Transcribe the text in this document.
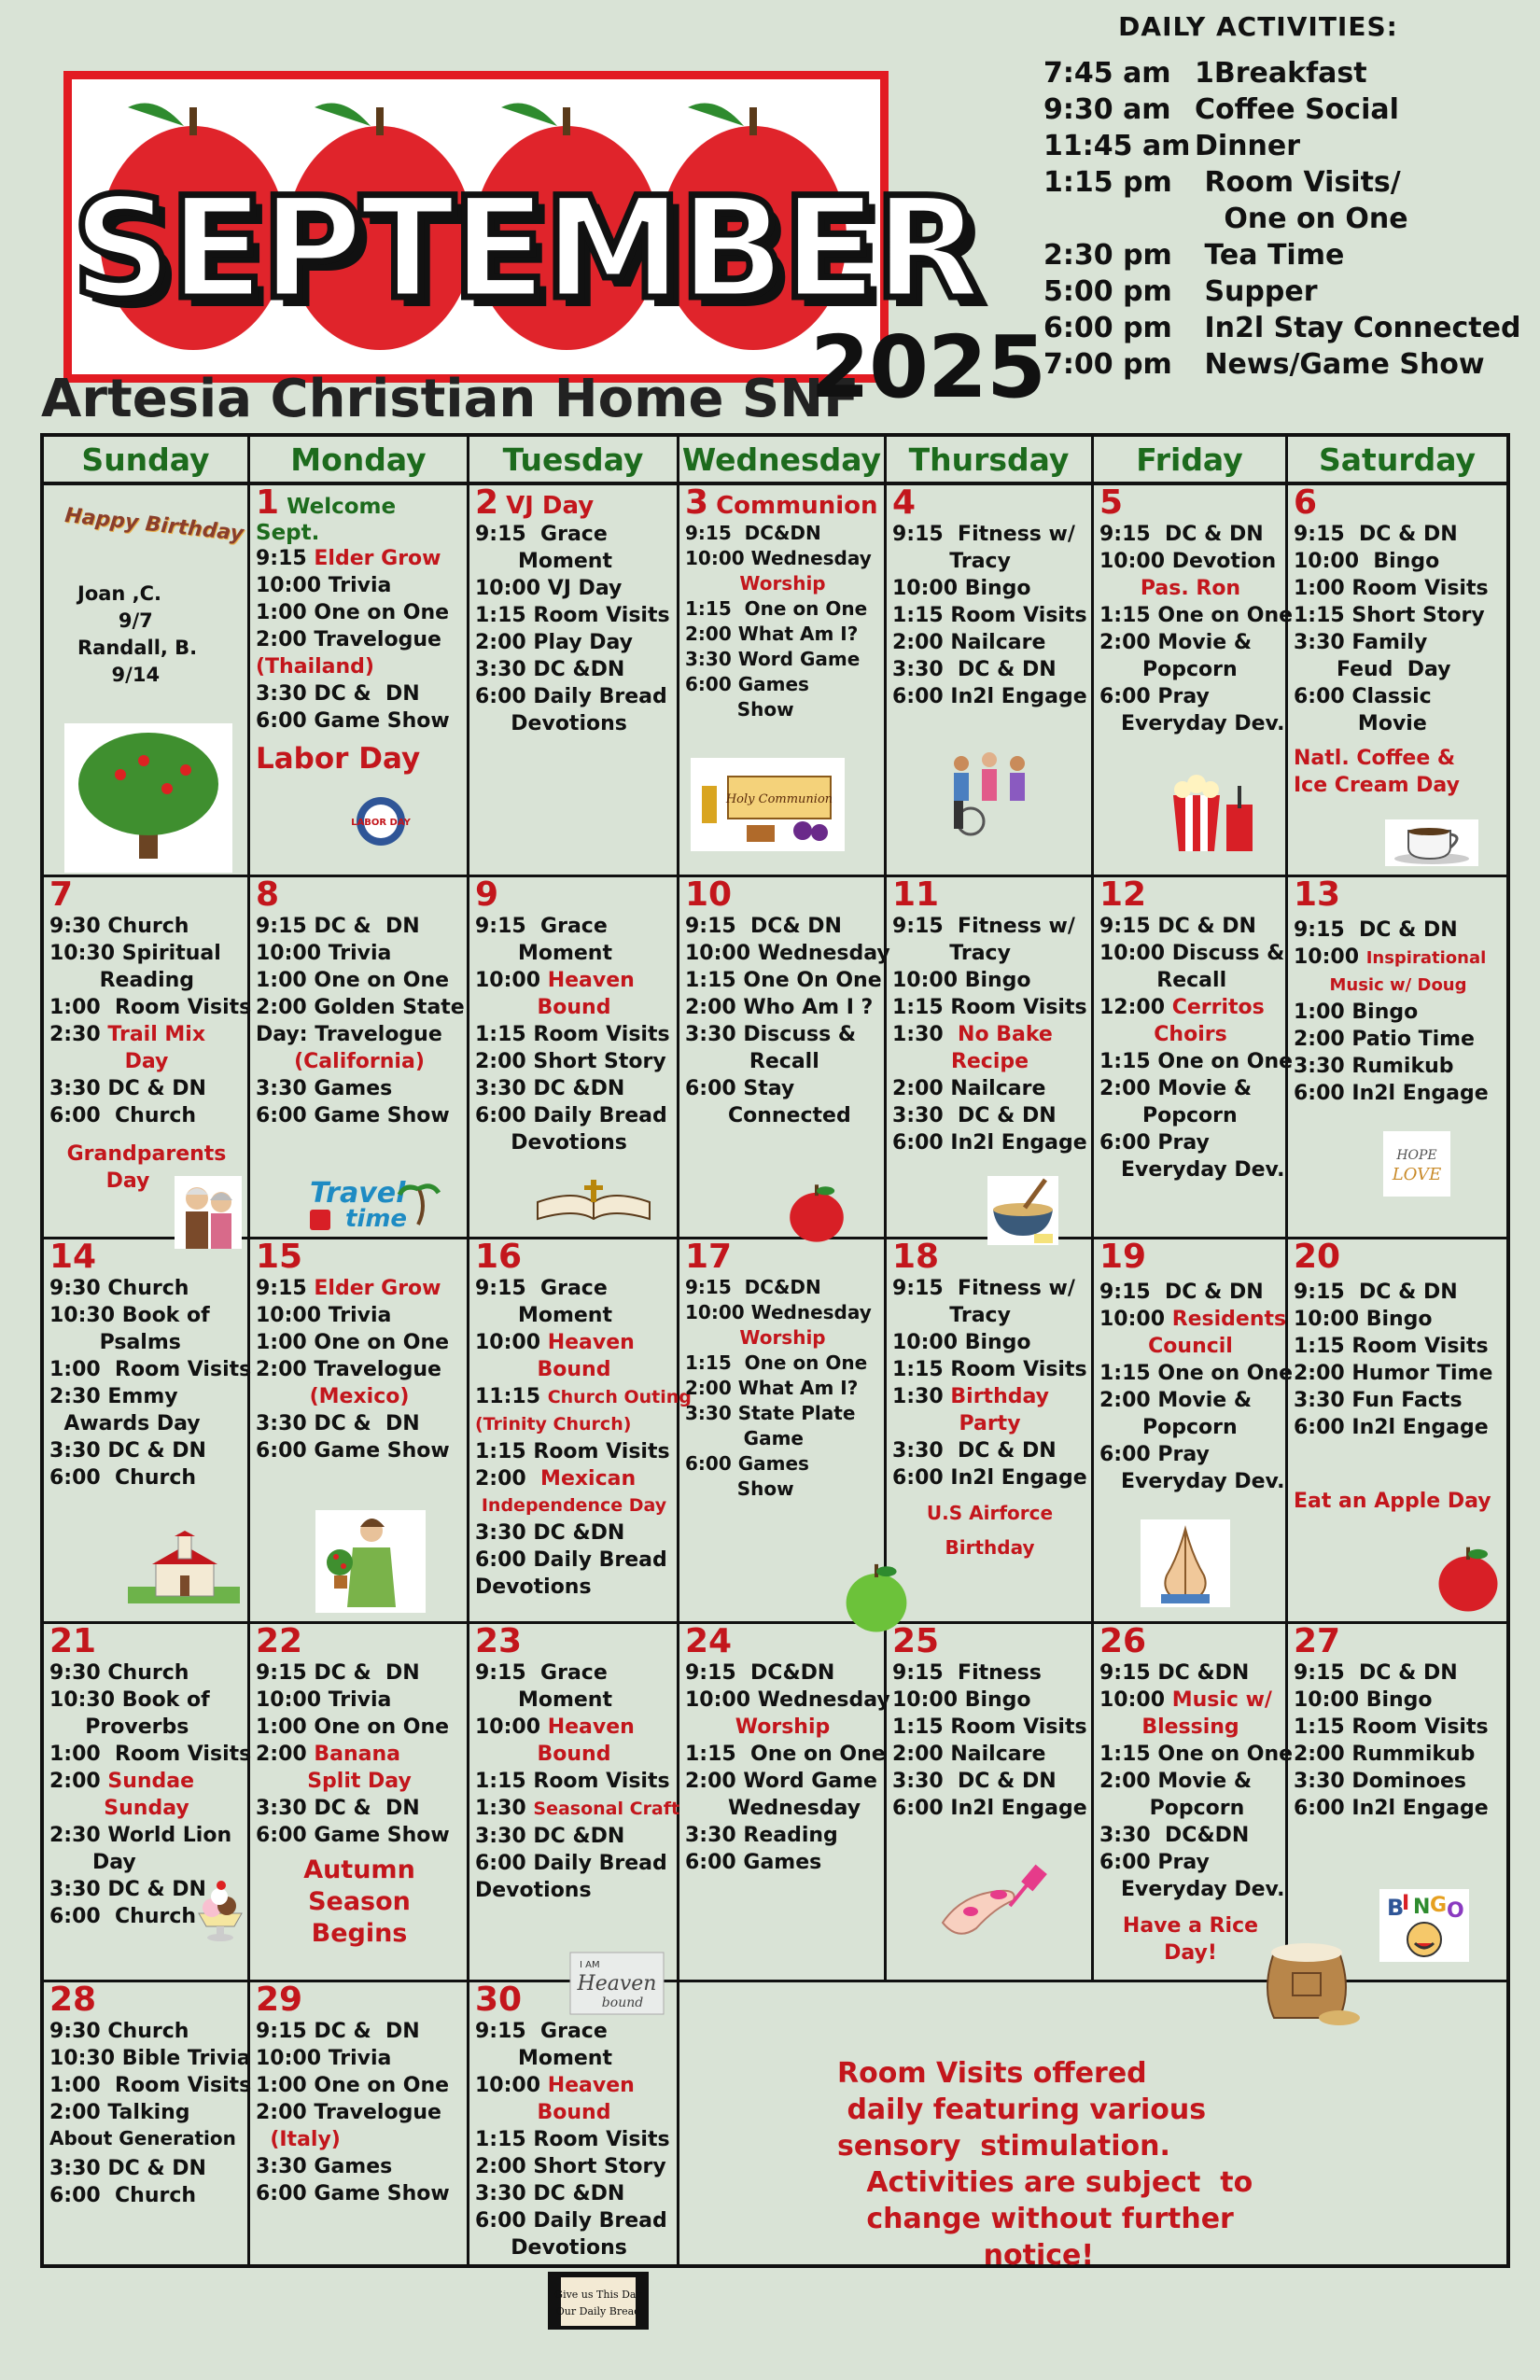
SEPTEMBER
Artesia Christian Home SNF
2025
DAILY ACTIVITIES:
7:45 am 1Breakfast
9:30 am Coffee Social
11:45 am Dinner
1:15 pm Room Visits/
One on One
2:30 pm Tea Time
5:00 pm Supper
6:00 pm In2l Stay Connected
7:00 pm News/Game Show
Sunday	Monday	Tuesday	Wednesday Thursday	Friday	Saturday
Happy Birthday
Joan ,C.
9/7
Randall, B.
9/14
1 Welcome Sept.
9:15 Elder Grow
10:00 Trivia
1:00 One on One
2:00 Travelogue
(Thailand)
3:30 DC &  DN
6:00 Game Show
Labor Day
LABOR DAY
2 VJ Day
9:15  Grace
Moment
10:00 VJ Day
1:15 Room Visits
2:00 Play Day
3:30 DC &DN
6:00 Daily Bread
Devotions
3 Communion
9:15  DC&DN
10:00 Wednesday
Worship
1:15  One on One
2:00 What Am I?
3:30 Word Game
6:00 Games
Show
Holy Communion
4
9:15  Fitness w/
Tracy
10:00 Bingo
1:15 Room Visits
2:00 Nailcare
3:30  DC & DN
6:00 In2l Engage
5
9:15  DC & DN
10:00 Devotion
Pas. Ron
1:15 One on One
2:00 Movie &
Popcorn
6:00 Pray
Everyday Dev.
6
9:15  DC & DN
10:00  Bingo
1:00 Room Visits
1:15 Short Story
3:30 Family
Feud  Day
6:00 Classic
Movie
Natl. Coffee & Ice Cream Day
7
9:30 Church
10:30 Spiritual
Reading
1:00  Room Visits
2:30 Trail Mix
Day
3:30 DC & DN
6:00  Church
Grandparents
Day
8
9:15 DC &  DN
10:00 Trivia
1:00 One on One
2:00 Golden State
Day: Travelogue
(California)
3:30 Games
6:00 Game Show
Travel
time
9
9:15  Grace
Moment
10:00 Heaven
Bound
1:15 Room Visits
2:00 Short Story
3:30 DC &DN
6:00 Daily Bread
Devotions
10
9:15  DC& DN
10:00 Wednesday
1:15 One On One
2:00 Who Am I ?
3:30 Discuss &
Recall
6:00 Stay
Connected
11
9:15  Fitness w/
Tracy
10:00 Bingo
1:15 Room Visits
1:30  No Bake
Recipe
2:00 Nailcare
3:30  DC & DN
6:00 In2l Engage
12
9:15 DC & DN
10:00 Discuss &
Recall
12:00 Cerritos
Choirs
1:15 One on One
2:00 Movie &
Popcorn
6:00 Pray
Everyday Dev.
13
9:15  DC & DN
10:00 Inspirational
Music w/ Doug
1:00 Bingo
2:00 Patio Time
3:30 Rumikub
6:00 In2l Engage
HOPE
LOVE
14
9:30 Church
10:30 Book of
Psalms
1:00  Room Visits
2:30 Emmy
Awards Day
3:30 DC & DN
6:00  Church
15
9:15 Elder Grow
10:00 Trivia
1:00 One on One
2:00 Travelogue
(Mexico)
3:30 DC &  DN
6:00 Game Show
16
9:15  Grace
Moment
10:00 Heaven
Bound
11:15 Church Outing
(Trinity Church)
1:15 Room Visits
2:00  Mexican
Independence Day
3:30 DC &DN
6:00 Daily Bread
Devotions
17
9:15  DC&DN
10:00 Wednesday
Worship
1:15  One on One
2:00 What Am I?
3:30 State Plate
Game
6:00 Games
Show
18
9:15  Fitness w/
Tracy
10:00 Bingo
1:15 Room Visits
1:30 Birthday
Party
3:30  DC & DN
6:00 In2l Engage
U.S Airforce
Birthday
19
9:15  DC & DN
10:00 Residents
Council
1:15 One on One
2:00 Movie &
Popcorn
6:00 Pray
Everyday Dev.
20
9:15  DC & DN
10:00 Bingo
1:15 Room Visits
2:00 Humor Time
3:30 Fun Facts
6:00 In2l Engage
Eat an Apple Day
21
9:30 Church
10:30 Book of
Proverbs
1:00  Room Visits
2:00 Sundae
Sunday
2:30 World Lion
Day
3:30 DC & DN
6:00  Church
22
9:15 DC &  DN
10:00 Trivia
1:00 One on One
2:00 Banana
Split Day
3:30 DC &  DN
6:00 Game Show
Autumn Season
Begins
23
9:15  Grace
Moment
10:00 Heaven
Bound
1:15 Room Visits
1:30 Seasonal Craft
3:30 DC &DN
6:00 Daily Bread
Devotions
I AM
Heaven
bound
24
9:15  DC&DN
10:00 Wednesday
Worship
1:15  One on One
2:00 Word Game
Wednesday
3:30 Reading
6:00 Games
25
9:15  Fitness
10:00 Bingo
1:15 Room Visits
2:00 Nailcare
3:30  DC & DN
6:00 In2l Engage
26
9:15 DC &DN
10:00 Music w/
Blessing
1:15 One on One
2:00 Movie &
Popcorn
3:30  DC&DN
6:00 Pray
Everyday Dev.
Have a Rice
Day!
27
9:15  DC & DN
10:00 Bingo
1:15 Room Visits
2:00 Rummikub
3:30 Dominoes
6:00 In2l Engage
B
I N G O
28
9:30 Church
10:30 Bible Trivia
1:00  Room Visits
2:00 Talking
About Generation
3:30 DC & DN
6:00  Church
29
9:15 DC &  DN
10:00 Trivia
1:00 One on One
2:00 Travelogue
(Italy)
3:30 Games
6:00 Game Show
30
9:15  Grace
Moment
10:00 Heaven
Bound
1:15 Room Visits
2:00 Short Story
3:30 DC &DN
6:00 Daily Bread
Devotions
Give us This Day
Our Daily Bread

Room Visits offered
daily featuring various
sensory  stimulation.
Activities are subject  to
change without further
notice!
